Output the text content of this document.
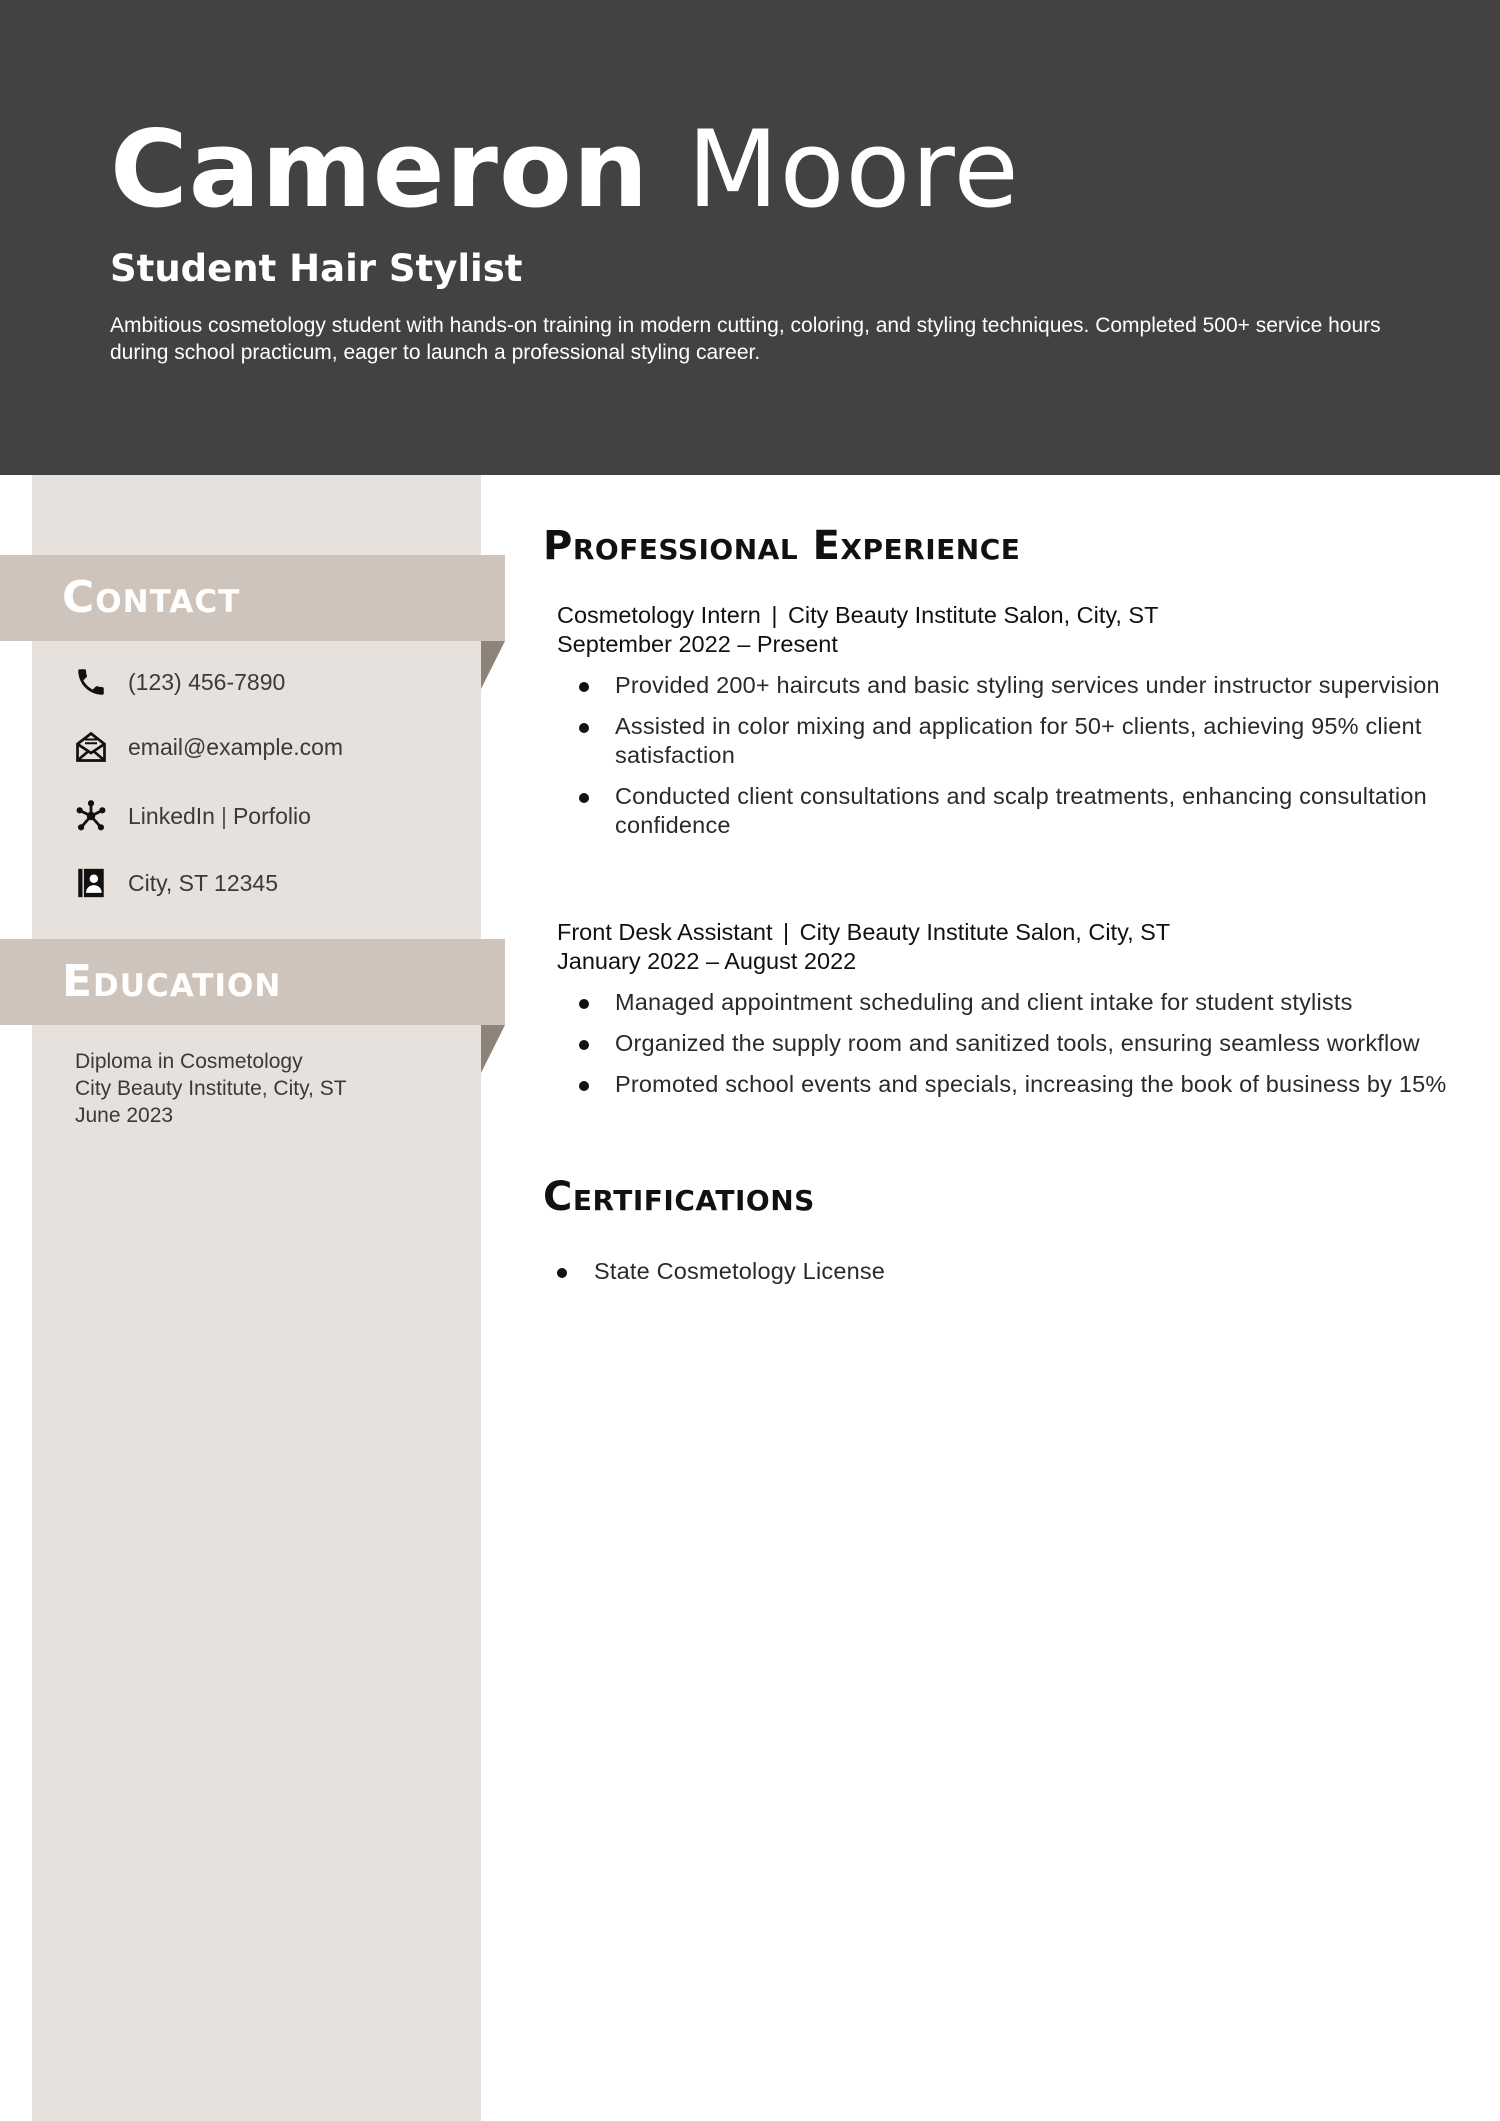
Cameron Moore
Student Hair Stylist

Ambitious cosmetology student with hands-on training in modern cutting, coloring, and styling techniques. Completed 500+ service hours during school practicum, eager to launch a professional styling career.

Contact
(123) 456-7890
email@example.com
LinkedIn | Porfolio
City, ST 12345
Education
Diploma in Cosmetology
City Beauty Institute, City, ST
June 2023
Professional Experience
Cosmetology Intern | City Beauty Institute Salon, City, ST
September 2022 – Present
Provided 200+ haircuts and basic styling services under instructor supervision
Assisted in color mixing and application for 50+ clients, achieving 95% client satisfaction
Conducted client consultations and scalp treatments, enhancing consultation confidence
Front Desk Assistant | City Beauty Institute Salon, City, ST
January 2022 – August 2022
Managed appointment scheduling and client intake for student stylists
Organized the supply room and sanitized tools, ensuring seamless workflow
Promoted school events and specials, increasing the book of business by 15%
Certifications
State Cosmetology License
